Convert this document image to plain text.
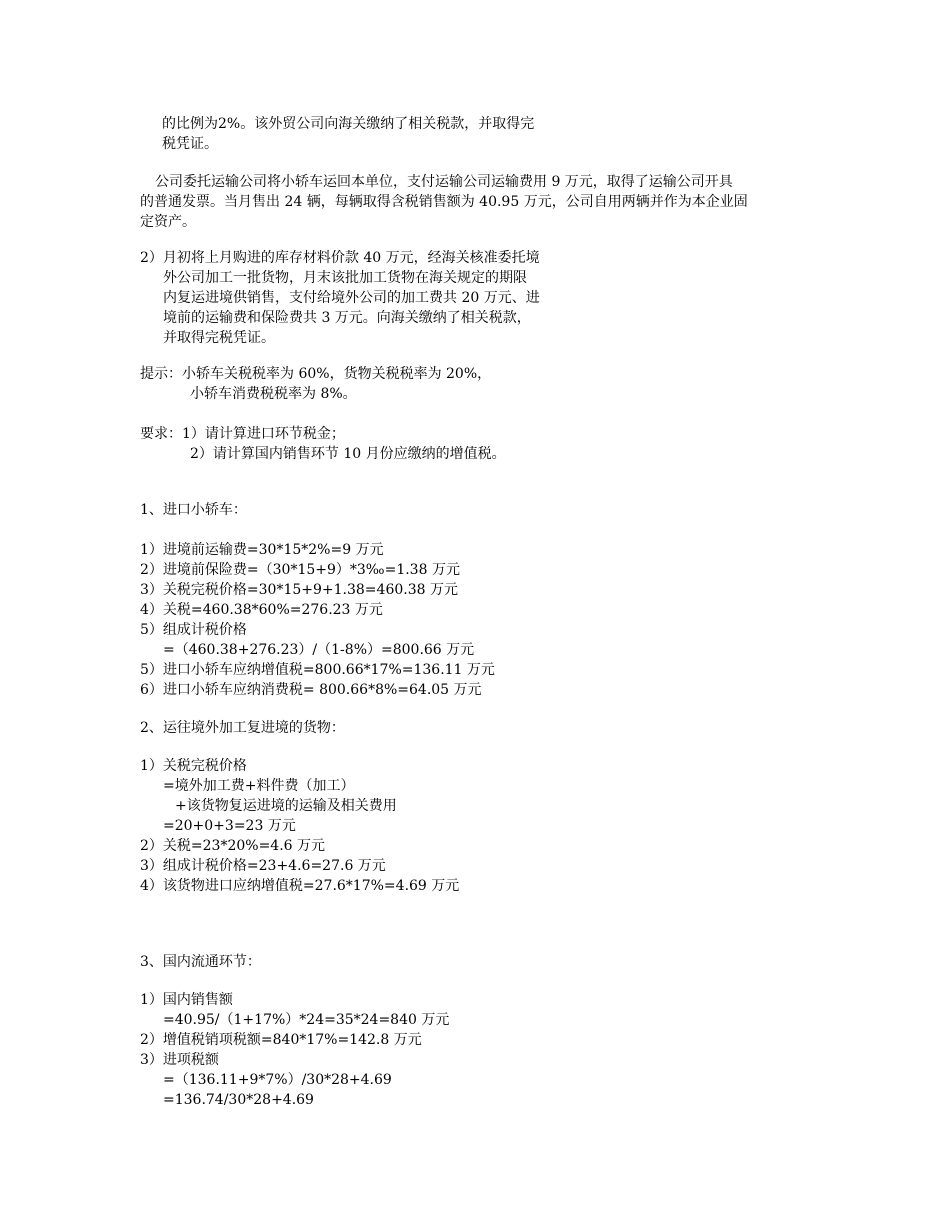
的比例为2%。该外贸公司向海关缴纳了相关税款，并取得完

税凭证。

公司委托运输公司将小轿车运回本单位，支付运输公司运输费用 9 万元，取得了运输公司开具

的普通发票。当月售出 24 辆，每辆取得含税销售额为 40.95 万元，公司自用两辆并作为本企业固

定资产。

2）月初将上月购进的库存材料价款 40 万元，经海关核准委托境

外公司加工一批货物，月末该批加工货物在海关规定的期限

内复运进境供销售，支付给境外公司的加工费共 20 万元、进

境前的运输费和保险费共 3 万元。向海关缴纳了相关税款，

并取得完税凭证。

提示：小轿车关税税率为 60%，货物关税税率为 20%，

小轿车消费税税率为 8%。

要求：1）请计算进口环节税金；

2）请计算国内销售环节 10 月份应缴纳的增值税。

1、进口小轿车：

1）进境前运输费=30*15*2%=9 万元

2）进境前保险费=（30*15+9）*3‰=1.38 万元

3）关税完税价格=30*15+9+1.38=460.38 万元

4）关税=460.38*60%=276.23 万元

5）组成计税价格

=（460.38+276.23）/（1-8%）=800.66 万元

5）进口小轿车应纳增值税=800.66*17%=136.11 万元

6）进口小轿车应纳消费税= 800.66*8%=64.05 万元

2、运往境外加工复进境的货物：

1）关税完税价格

=境外加工费+料件费（加工）

+该货物复运进境的运输及相关费用

=20+0+3=23 万元

2）关税=23*20%=4.6 万元

3）组成计税价格=23+4.6=27.6 万元

4）该货物进口应纳增值税=27.6*17%=4.69 万元

3、国内流通环节：

1）国内销售额

=40.95/（1+17%）*24=35*24=840 万元

2）增值税销项税额=840*17%=142.8 万元

3）进项税额

=（136.11+9*7%）/30*28+4.69

=136.74/30*28+4.69
